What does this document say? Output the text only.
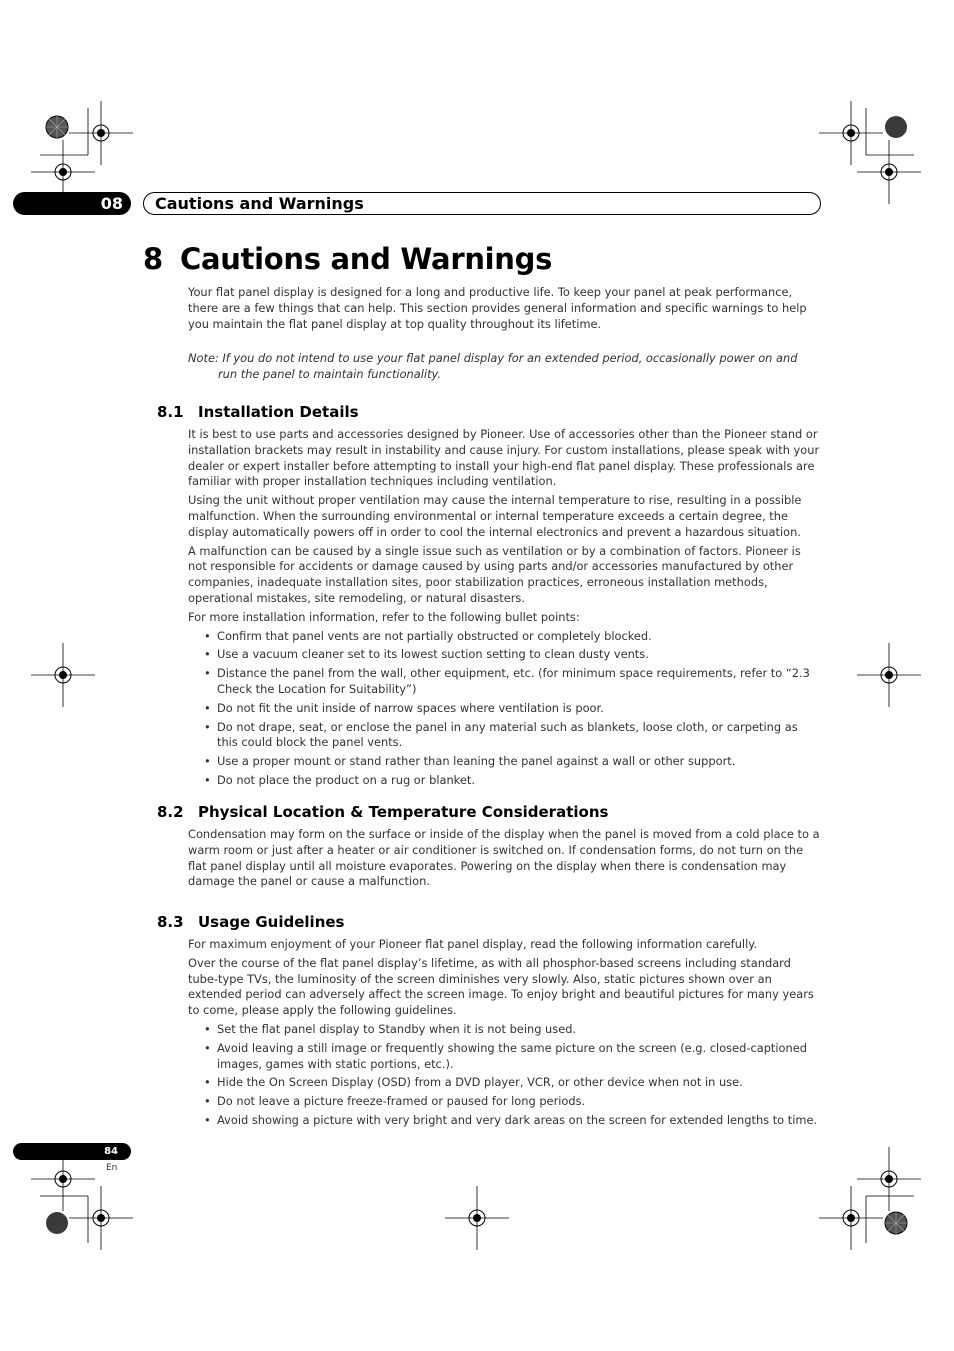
08	Cautions and Warnings
8 Cautions and Warnings

Your flat panel display is designed for a long and productive life. To keep your panel at peak performance, there are a few things that can help. This section provides general information and specific warnings to help you maintain the flat panel display at top quality throughout its lifetime.

Note: If you do not intend to use your flat panel display for an extended period, occasionally power on and run the panel to maintain functionality.

8.1 Installation Details

It is best to use parts and accessories designed by Pioneer. Use of accessories other than the Pioneer stand or installation brackets may result in instability and cause injury. For custom installations, please speak with your dealer or expert installer before attempting to install your high-end flat panel display. These professionals are familiar with proper installation techniques including ventilation.

Using the unit without proper ventilation may cause the internal temperature to rise, resulting in a possible malfunction. When the surrounding environmental or internal temperature exceeds a certain degree, the display automatically powers off in order to cool the internal electronics and prevent a hazardous situation.

A malfunction can be caused by a single issue such as ventilation or by a combination of factors. Pioneer is not responsible for accidents or damage caused by using parts and/or accessories manufactured by other companies, inadequate installation sites, poor stabilization practices, erroneous installation methods, operational mistakes, site remodeling, or natural disasters.

For more installation information, refer to the following bullet points:

• Confirm that panel vents are not partially obstructed or completely blocked.
• Use a vacuum cleaner set to its lowest suction setting to clean dusty vents.
• Distance the panel from the wall, other equipment, etc. (for minimum space requirements, refer to “2.3 Check the Location for Suitability”)
• Do not fit the unit inside of narrow spaces where ventilation is poor.
• Do not drape, seat, or enclose the panel in any material such as blankets, loose cloth, or carpeting as this could block the panel vents.
• Use a proper mount or stand rather than leaning the panel against a wall or other support.
• Do not place the product on a rug or blanket.
8.2 Physical Location & Temperature Considerations

Condensation may form on the surface or inside of the display when the panel is moved from a cold place to a warm room or just after a heater or air conditioner is switched on. If condensation forms, do not turn on the flat panel display until all moisture evaporates. Powering on the display when there is condensation may damage the panel or cause a malfunction.

8.3 Usage Guidelines

For maximum enjoyment of your Pioneer flat panel display, read the following information carefully.

Over the course of the flat panel display’s lifetime, as with all phosphor-based screens including standard tube-type TVs, the luminosity of the screen diminishes very slowly. Also, static pictures shown over an extended period can adversely affect the screen image. To enjoy bright and beautiful pictures for many years to come, please apply the following guidelines.

• Set the flat panel display to Standby when it is not being used.
• Avoid leaving a still image or frequently showing the same picture on the screen (e.g. closed-captioned images, games with static portions, etc.).
• Hide the On Screen Display (OSD) from a DVD player, VCR, or other device when not in use.
• Do not leave a picture freeze-framed or paused for long periods.
• Avoid showing a picture with very bright and very dark areas on the screen for extended lengths to time.
84
En
